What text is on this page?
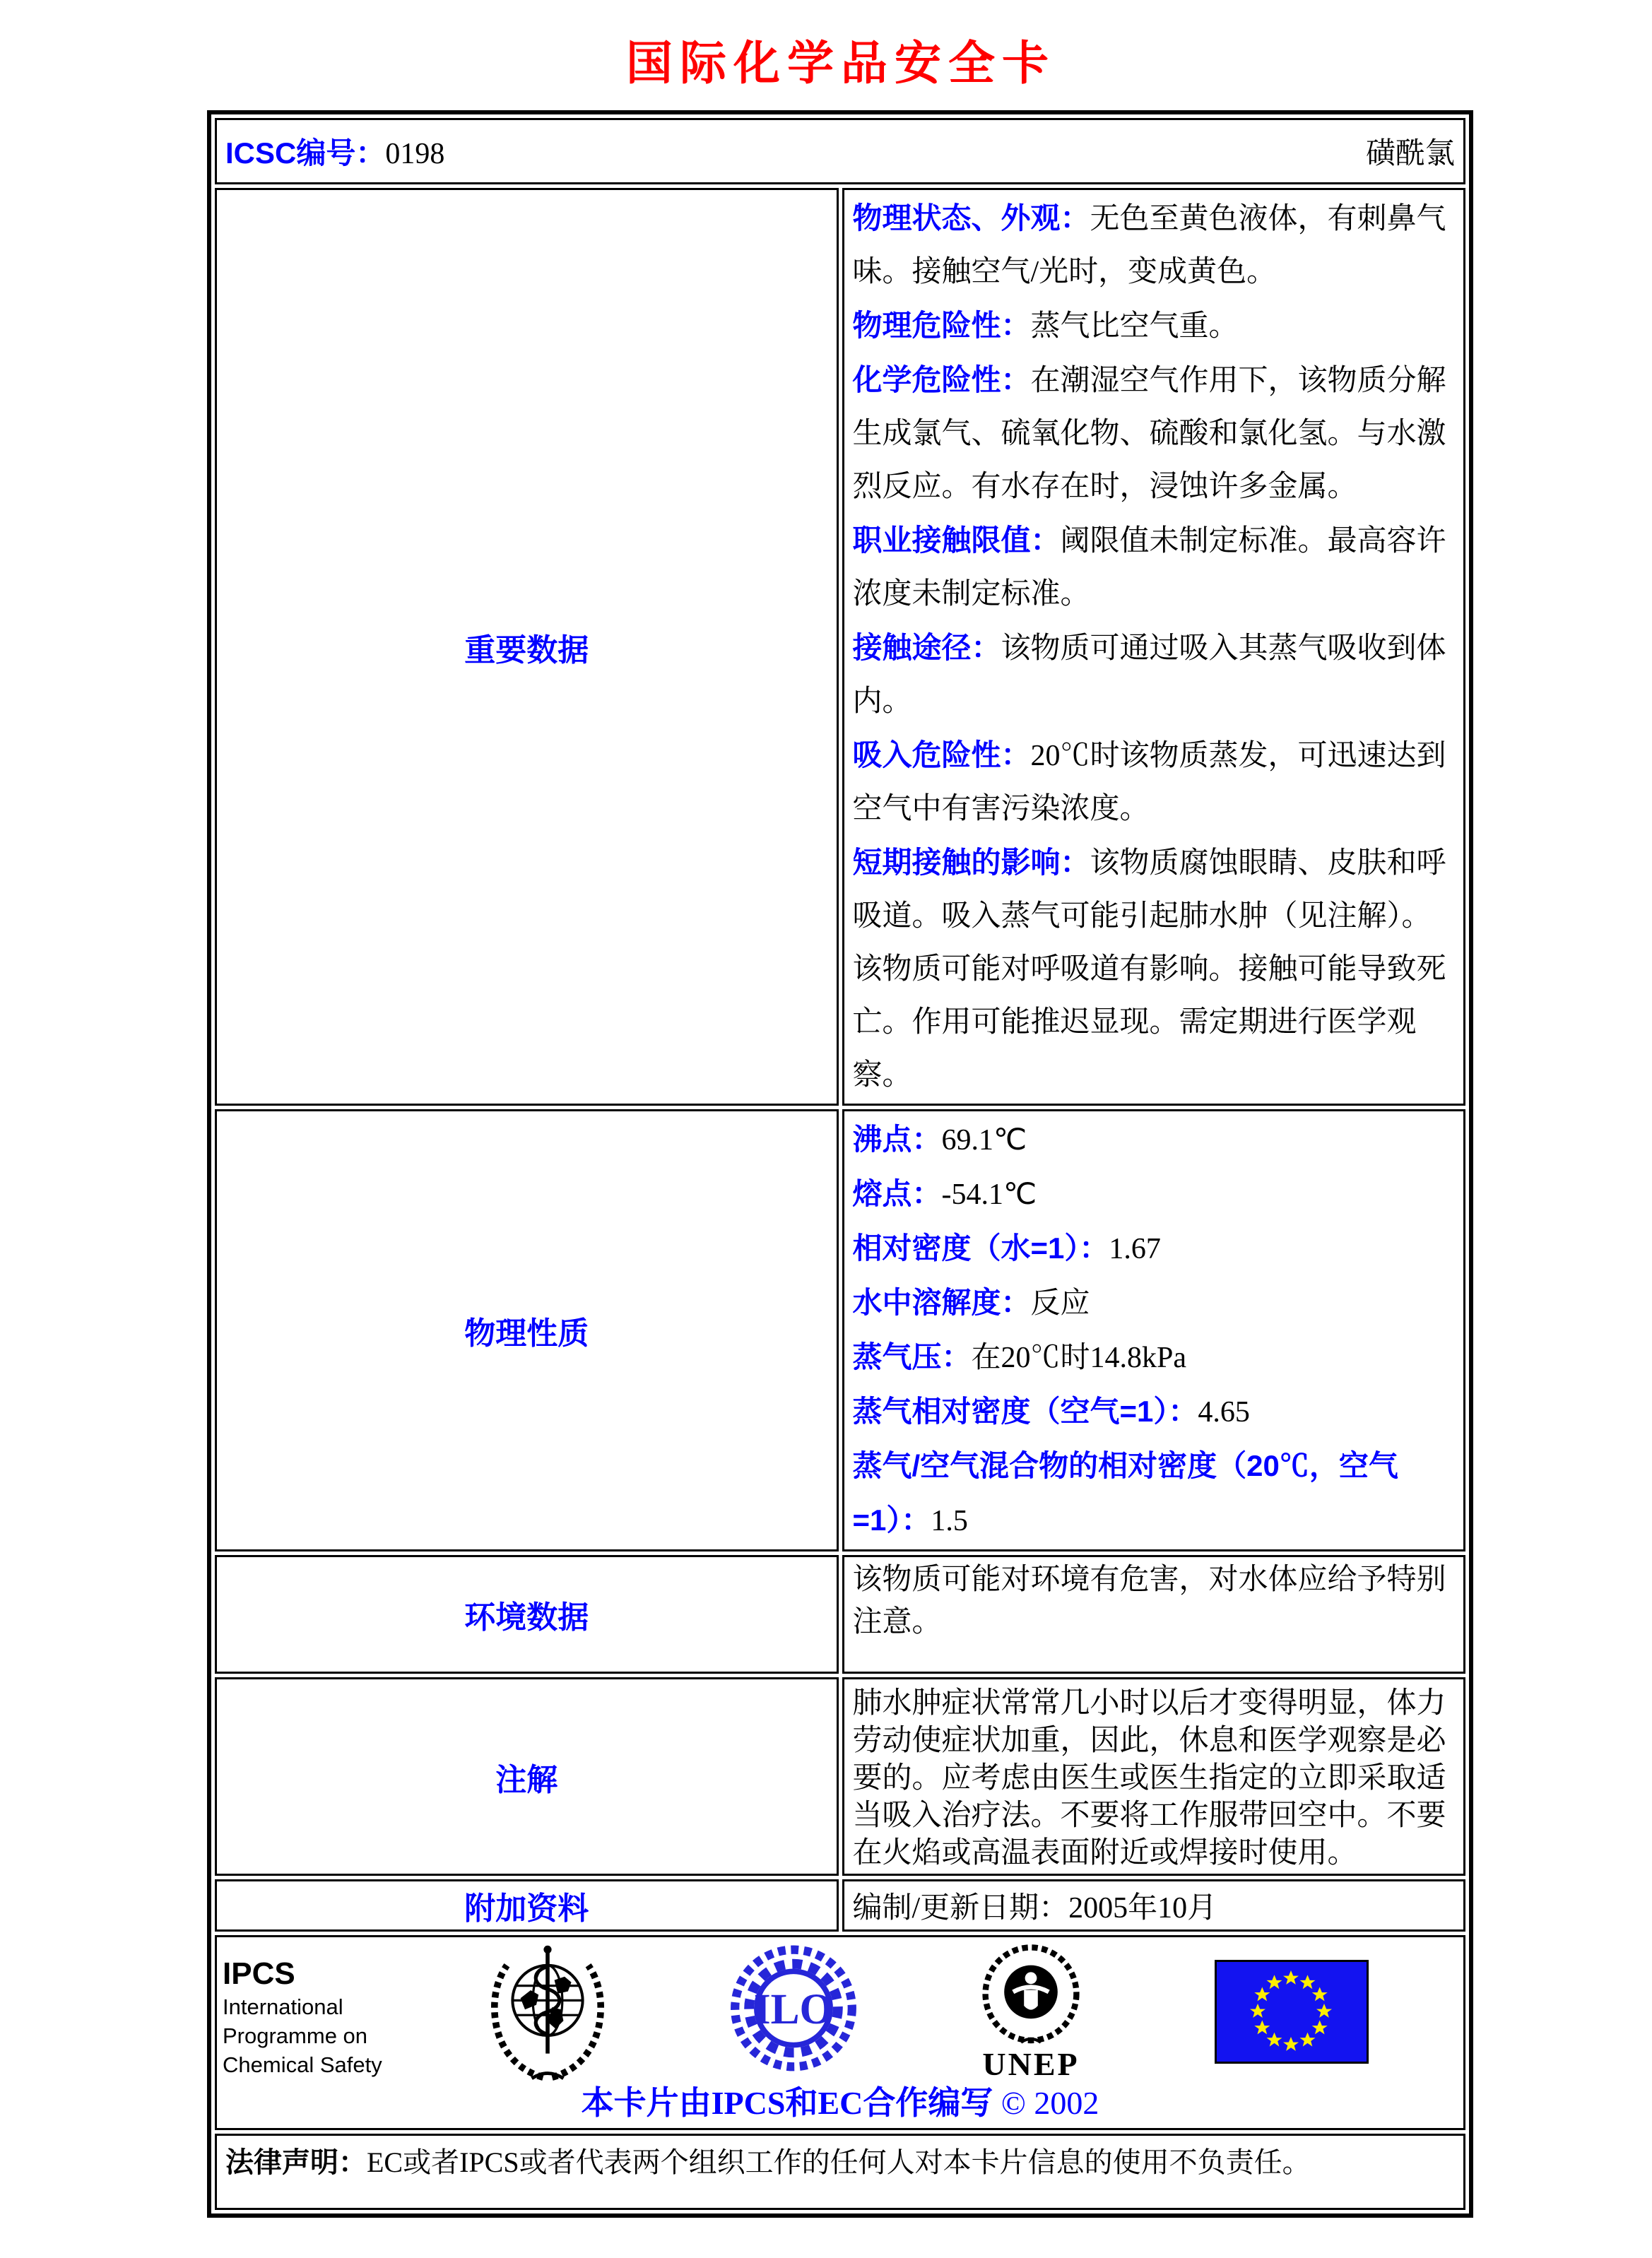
国际化学品安全卡
ICSC编号：0198 磺酰氯	

重要数据	

物理状态、外观：无色至黄色液体，有刺鼻气味。接触空气/光时，变成黄色。

物理危险性：蒸气比空气重。

化学危险性：在潮湿空气作用下，该物质分解生成氯气、硫氧化物、硫酸和氯化氢。与水激烈反应。有水存在时，浸蚀许多金属。

职业接触限值：阈限值未制定标准。最高容许浓度未制定标准。

接触途径：该物质可通过吸入其蒸气吸收到体内。

吸入危险性：20℃时该物质蒸发，可迅速达到空气中有害污染浓度。

短期接触的影响：该物质腐蚀眼睛、皮肤和呼吸道。吸入蒸气可能引起肺水肿（见注解）。该物质可能对呼吸道有影响。接触可能导致死亡。作用可能推迟显现。需定期进行医学观察。

物理性质	

沸点：69.1℃

熔点：-54.1℃

相对密度（水=1）：1.67

水中溶解度：反应

蒸气压：在20℃时14.8kPa

蒸气相对密度（空气=1）：4.65

蒸气/空气混合物的相对密度（20℃，空气=1）：1.5

环境数据	该物质可能对环境有危害，对水体应给予特别注意。
注解	肺水肿症状常常几小时以后才变得明显，体力劳动使症状加重，因此，休息和医学观察是必要的。应考虑由医生或医生指定的立即采取适当吸入治疗法。不要将工作服带回空中。不要在火焰或高温表面附近或焊接时使用。
附加资料	编制/更新日期：2005年10月

IPCS
International
Programme on
Chemical Safety
ILO
UNEP
本卡片由IPCS和EC合作编写 © 2002

法律声明：EC或者IPCS或者代表两个组织工作的任何人对本卡片信息的使用不负责任。	
